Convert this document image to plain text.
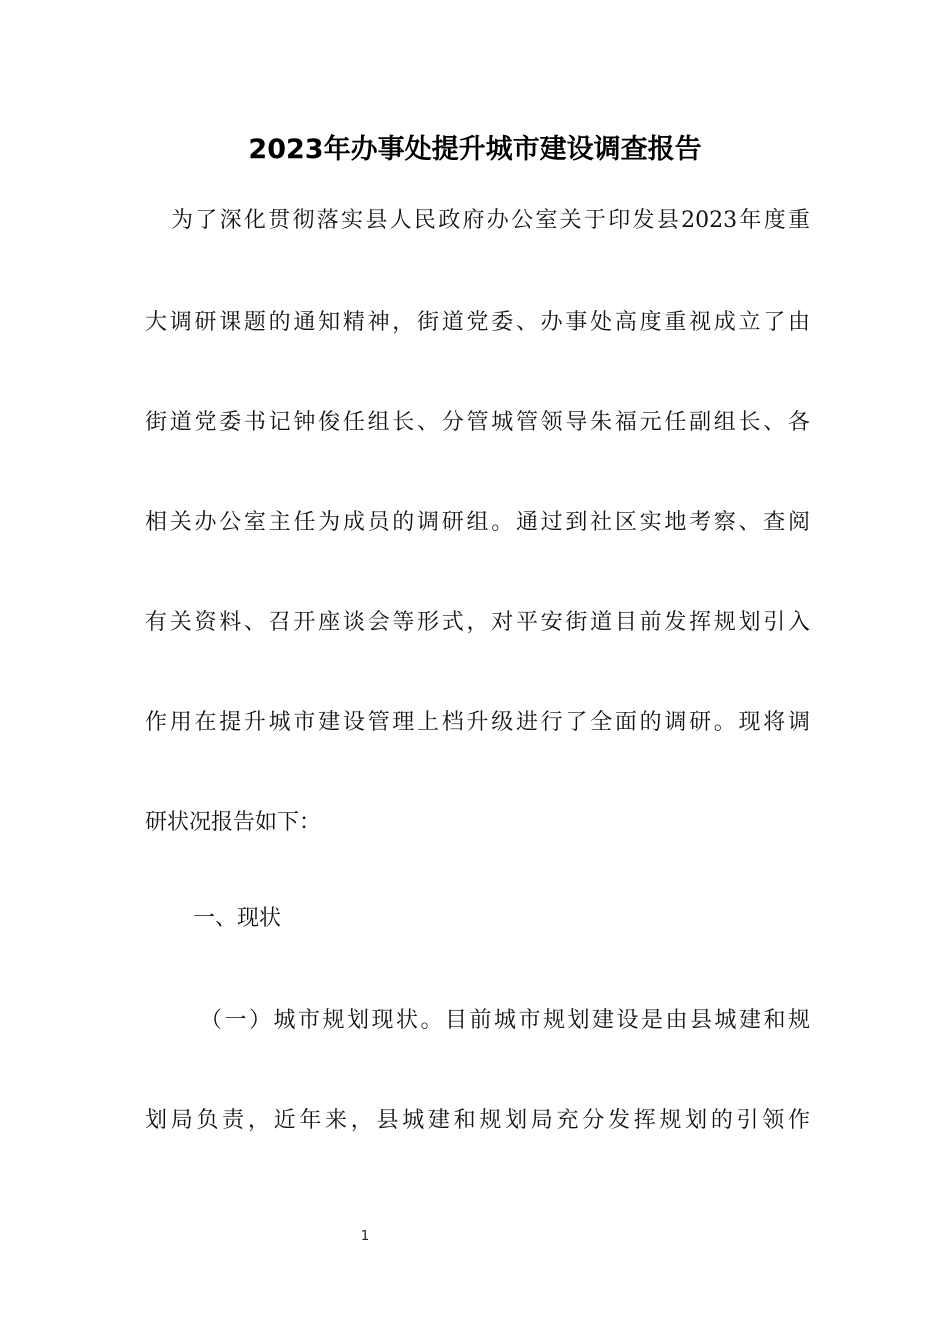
2023年办事处提升城市建设调查报告
为了深化贯彻落实县人民政府办公室关于印发县2023年度重
大调研课题的通知精神，街道党委、办事处高度重视成立了由
街道党委书记钟俊任组长、分管城管领导朱福元任副组长、各
相关办公室主任为成员的调研组。通过到社区实地考察、查阅
有关资料、召开座谈会等形式，对平安街道目前发挥规划引入
作用在提升城市建设管理上档升级进行了全面的调研。现将调
研状况报告如下：
一、现状
（一）城市规划现状。目前城市规划建设是由县城建和规
划局负责，近年来，县城建和规划局充分发挥规划的引领作
1
